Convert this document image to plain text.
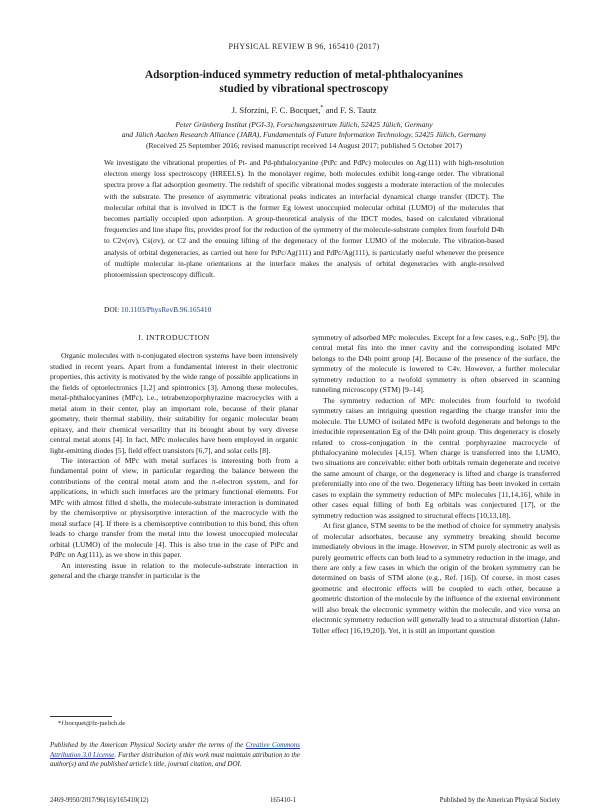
PHYSICAL REVIEW B 96, 165410 (2017)
Adsorption-induced symmetry reduction of metal-phthalocyanines
studied by vibrational spectroscopy
J. Sforzini, F. C. Bocquet,* and F. S. Tautz
Peter Grünberg Institut (PGI-3), Forschungszentrum Jülich, 52425 Jülich, Germany
and Jülich Aachen Research Alliance (JARA), Fundamentals of Future Information Technology, 52425 Jülich, Germany
(Received 25 September 2016; revised manuscript received 14 August 2017; published 5 October 2017)
We investigate the vibrational properties of Pt- and Pd-phthalocyanine (PtPc and PdPc) molecules on Ag(111) with high-resolution electron energy loss spectroscopy (HREELS). In the monolayer regime, both molecules exhibit long-range order. The vibrational spectra prove a flat adsorption geometry. The redshift of specific vibrational modes suggests a moderate interaction of the molecules with the substrate. The presence of asymmetric vibrational peaks indicates an interfacial dynamical charge transfer (IDCT). The molecular orbital that is involved in IDCT is the former Eg lowest unoccupied molecular orbital (LUMO) of the molecules that becomes partially occupied upon adsorption. A group-theoretical analysis of the IDCT modes, based on calculated vibrational frequencies and line shape fits, provides proof for the reduction of the symmetry of the molecule-substrate complex from fourfold D4h to C2v(σv), Cs(σv), or C2 and the ensuing lifting of the degeneracy of the former LUMO of the molecule. The vibration-based analysis of orbital degeneracies, as carried out here for PtPc/Ag(111) and PdPc/Ag(111), is particularly useful whenever the presence of multiple molecular in-plane orientations at the interface makes the analysis of orbital degeneracies with angle-resolved photoemission spectroscopy difficult.
DOI: 10.1103/PhysRevB.96.165410
I. INTRODUCTION

Organic molecules with π-conjugated electron systems have been intensively studied in recent years. Apart from a fundamental interest in their electronic properties, this activity is motivated by the wide range of possible applications in the fields of optoelectronics [1,2] and spintronics [3]. Among these molecules, metal-phthalocyanines (MPc), i.e., tetrabenzoporphyrazine macrocycles with a metal atom in their center, play an important role, because of their planar geometry, their thermal stability, their suitability for organic molecular beam epitaxy, and their chemical versatility that its brought about by very diverse central metal atoms [4]. In fact, MPc molecules have been employed in organic light-emitting diodes [5], field effect transistors [6,7], and solar cells [8].

The interaction of MPc with metal surfaces is interesting both from a fundamental point of view, in particular regarding the balance between the contributions of the central metal atom and the π-electron system, and for applications, in which such interfaces are the primary functional elements. For MPc with almost filled d shells, the molecule-substrate interaction is dominated by the chemisorptive or physisorptive interaction of the macrocycle with the metal surface [4]. If there is a chemisorptive contribution to this bond, this often leads to charge transfer from the metal into the lowest unoccupied molecular orbital (LUMO) of the molecule [4]. This is also true in the case of PtPc and PdPc on Ag(111), as we show in this paper.

An interesting issue in relation to the molecule-substrate interaction in general and the charge transfer in particular is the

symmetry of adsorbed MPc molecules. Except for a few cases, e.g., SnPc [9], the central metal fits into the inner cavity and the corresponding isolated MPc belongs to the D4h point group [4]. Because of the presence of the surface, the symmetry of the molecule is lowered to C4v. However, a further molecular symmetry reduction to a twofold symmetry is often observed in scanning tunneling microscopy (STM) [9–14].

The symmetry reduction of MPc molecules from fourfold to twofold symmetry raises an intriguing question regarding the charge transfer into the molecule. The LUMO of isolated MPc is twofold degenerate and belongs to the irreducible representation Eg of the D4h point group. This degeneracy is closely related to cross-conjugation in the central porphyrazine macrocycle of phthalocyanine molecules [4,15]. When charge is transferred into the LUMO, two situations are conceivable: either both orbitals remain degenerate and receive the same amount of charge, or the degeneracy is lifted and charge is transferred preferentially into one of the two. Degeneracy lifting has been invoked in certain cases to explain the symmetry reduction of MPc molecules [11,14,16], while in other cases equal filling of both Eg orbitals was conjectured [17], or the symmetry reduction was assigned to structural effects [10,13,18].

At first glance, STM seems to be the method of choice for symmetry analysis of molecular adsorbates, because any symmetry breaking should become immediately obvious in the image. However, in STM purely electronic as well as purely geometric effects can both lead to a symmetry reduction in the image, and there are only a few cases in which the origin of the broken symmetry can be determined on basis of STM alone (e.g., Ref. [16]). Of course, in most cases geometric and electronic effects will be coupled to each other, because a geometric distortion of the molecule by the influence of the external environment will also break the electronic symmetry within the molecule, and vice versa an electronic symmetry reduction will generally lead to a structural distortion (Jahn-Teller effect [16,19,20]). Yet, it is still an important question

*f.bocquet@fz-juelich.de
Published by the American Physical Society under the terms of the Creative Commons Attribution 3.0 License. Further distribution of this work must maintain attribution to the author(s) and the published article’s title, journal citation, and DOI.
2469-9950/2017/96(16)/165410(12)	165410-1	Published by the American Physical Society
